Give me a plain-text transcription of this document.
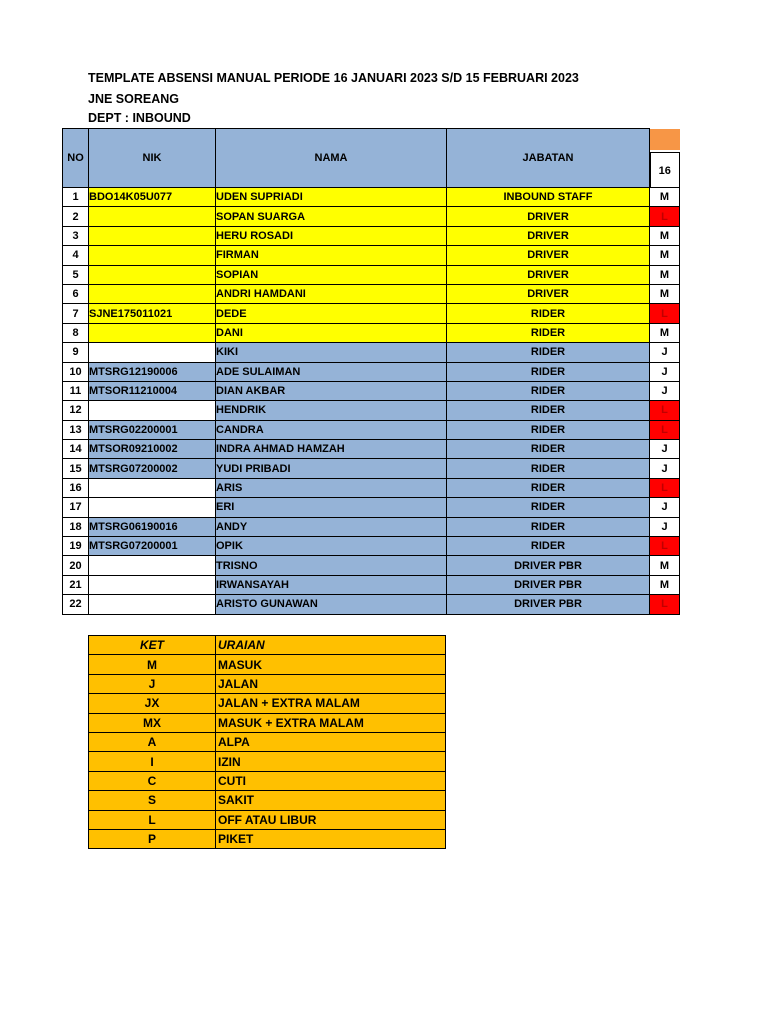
TEMPLATE ABSENSI MANUAL PERIODE 16 JANUARI 2023 S/D 15 FEBRUARI 2023
JNE SOREANG
DEPT : INBOUND
NO	NIK	NAMA	JABATAN	16

1	BDO14K05U077	UDEN SUPRIADI	INBOUND STAFF	M
2		SOPAN SUARGA	DRIVER	L
3		HERU ROSADI	DRIVER	M
4		FIRMAN	DRIVER	M
5		SOPIAN	DRIVER	M
6		ANDRI HAMDANI	DRIVER	M
7	SJNE175011021	DEDE	RIDER	L
8		DANI	RIDER	M
9		KIKI	RIDER	J
10	MTSRG12190006	ADE SULAIMAN	RIDER	J
11	MTSOR11210004	DIAN AKBAR	RIDER	J
12		HENDRIK	RIDER	L
13	MTSRG02200001	CANDRA	RIDER	L
14	MTSOR09210002	INDRA AHMAD HAMZAH	RIDER	J
15	MTSRG07200002	YUDI PRIBADI	RIDER	J
16		ARIS	RIDER	L
17		ERI	RIDER	J
18	MTSRG06190016	ANDY	RIDER	J
19	MTSRG07200001	OPIK	RIDER	L
20		TRISNO	DRIVER PBR	M
21		IRWANSAYAH	DRIVER PBR	M
22		ARISTO GUNAWAN	DRIVER PBR	L
KET	URAIAN
M	MASUK
J	JALAN
JX	JALAN + EXTRA MALAM
MX	MASUK + EXTRA MALAM
A	ALPA
I	IZIN
C	CUTI
S	SAKIT
L	OFF ATAU LIBUR
P	PIKET
